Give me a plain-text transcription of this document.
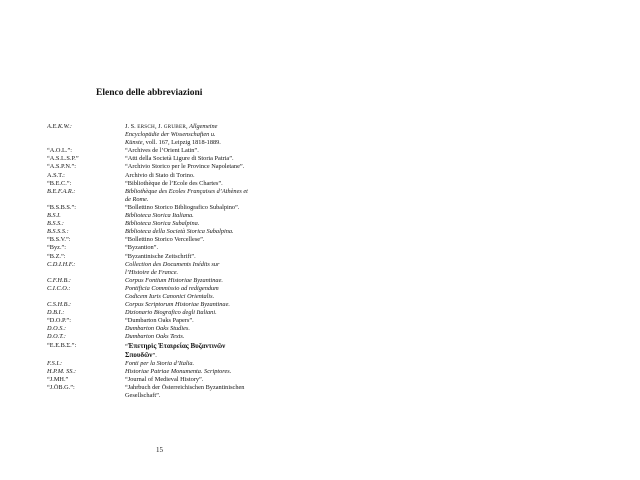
Elenco delle abbreviazioni
A.E.K.W.:	J. S. ERSCH, J. GRUBER, Allgemeine
Encyclopädie der Wissenschaften u.
Künste, voll. 167, Leipzig 1818-1889.
“A.O.L.”:	“Archives de l’Orient Latin”.
“A.S.L.S.P.”	“Atti della Società Ligure di Storia Patria”.
“A.S.P.N.”:	“Archivio Storico per le Province Napoletane”.
A.S.T.:	Archivio di Stato di Torino.
“B.E.C.”:	“Bibliothèque de l’Ecole des Chartes”.
B.E.F.A.R.:	Bibliothèque des Ecoles Françaises d’Athènes et
de Rome.
“B.S.B.S.”:	“Bollettino Storico Bibliografico Subalpino”.
B.S.I.	Biblioteca Storica Italiana.
B.S.S.:	Biblioteca Storica Subalpina.
B.S.S.S.:	Biblioteca della Società Storica Subalpina.
“B.S.V.”:	“Bollettino Storico Vercellese”.
“Byz.”:	“Byzantion”.
“B.Z.”:	“Byzantinische Zeitschrift”.
C.D.I.H.F.:	Collection des Documents Inédits sur
l’Histoire de France.
C.F.H.B.:	Corpus Fontium Historiae Byzantinae.
C.I.C.O.:	Pontificia Commissio ad redigendum
Codicem Iuris Canonici Orientalis.
C.S.H.B.:	Corpus Scriptorum Historiae Byzantinae.
D.B.I.:	Dizionario Biografico degli Italiani.
“D.O.P.”:	“Dumbarton Oaks Papers”.
D.O.S.:	Dumbarton Oaks Studies.
D.O.T.:	Dumbarton Oaks Texts.
“E.E.B.Σ.”:	“Ἐπετηρὶς Ἑταιρείας Βυζαντινῶν
Σπουδῶν”.
F.S.I.:	Fonti per la Storia d’Italia.
H.P.M. SS.:	Historiae Patriae Monumenta. Scriptores.
“J.MH.”	“Journal of Medieval History”.
“J.ÖB.G.”:	“Jahrbuch der Österreichischen Byzantinischen
Gesellschaft”.
15
